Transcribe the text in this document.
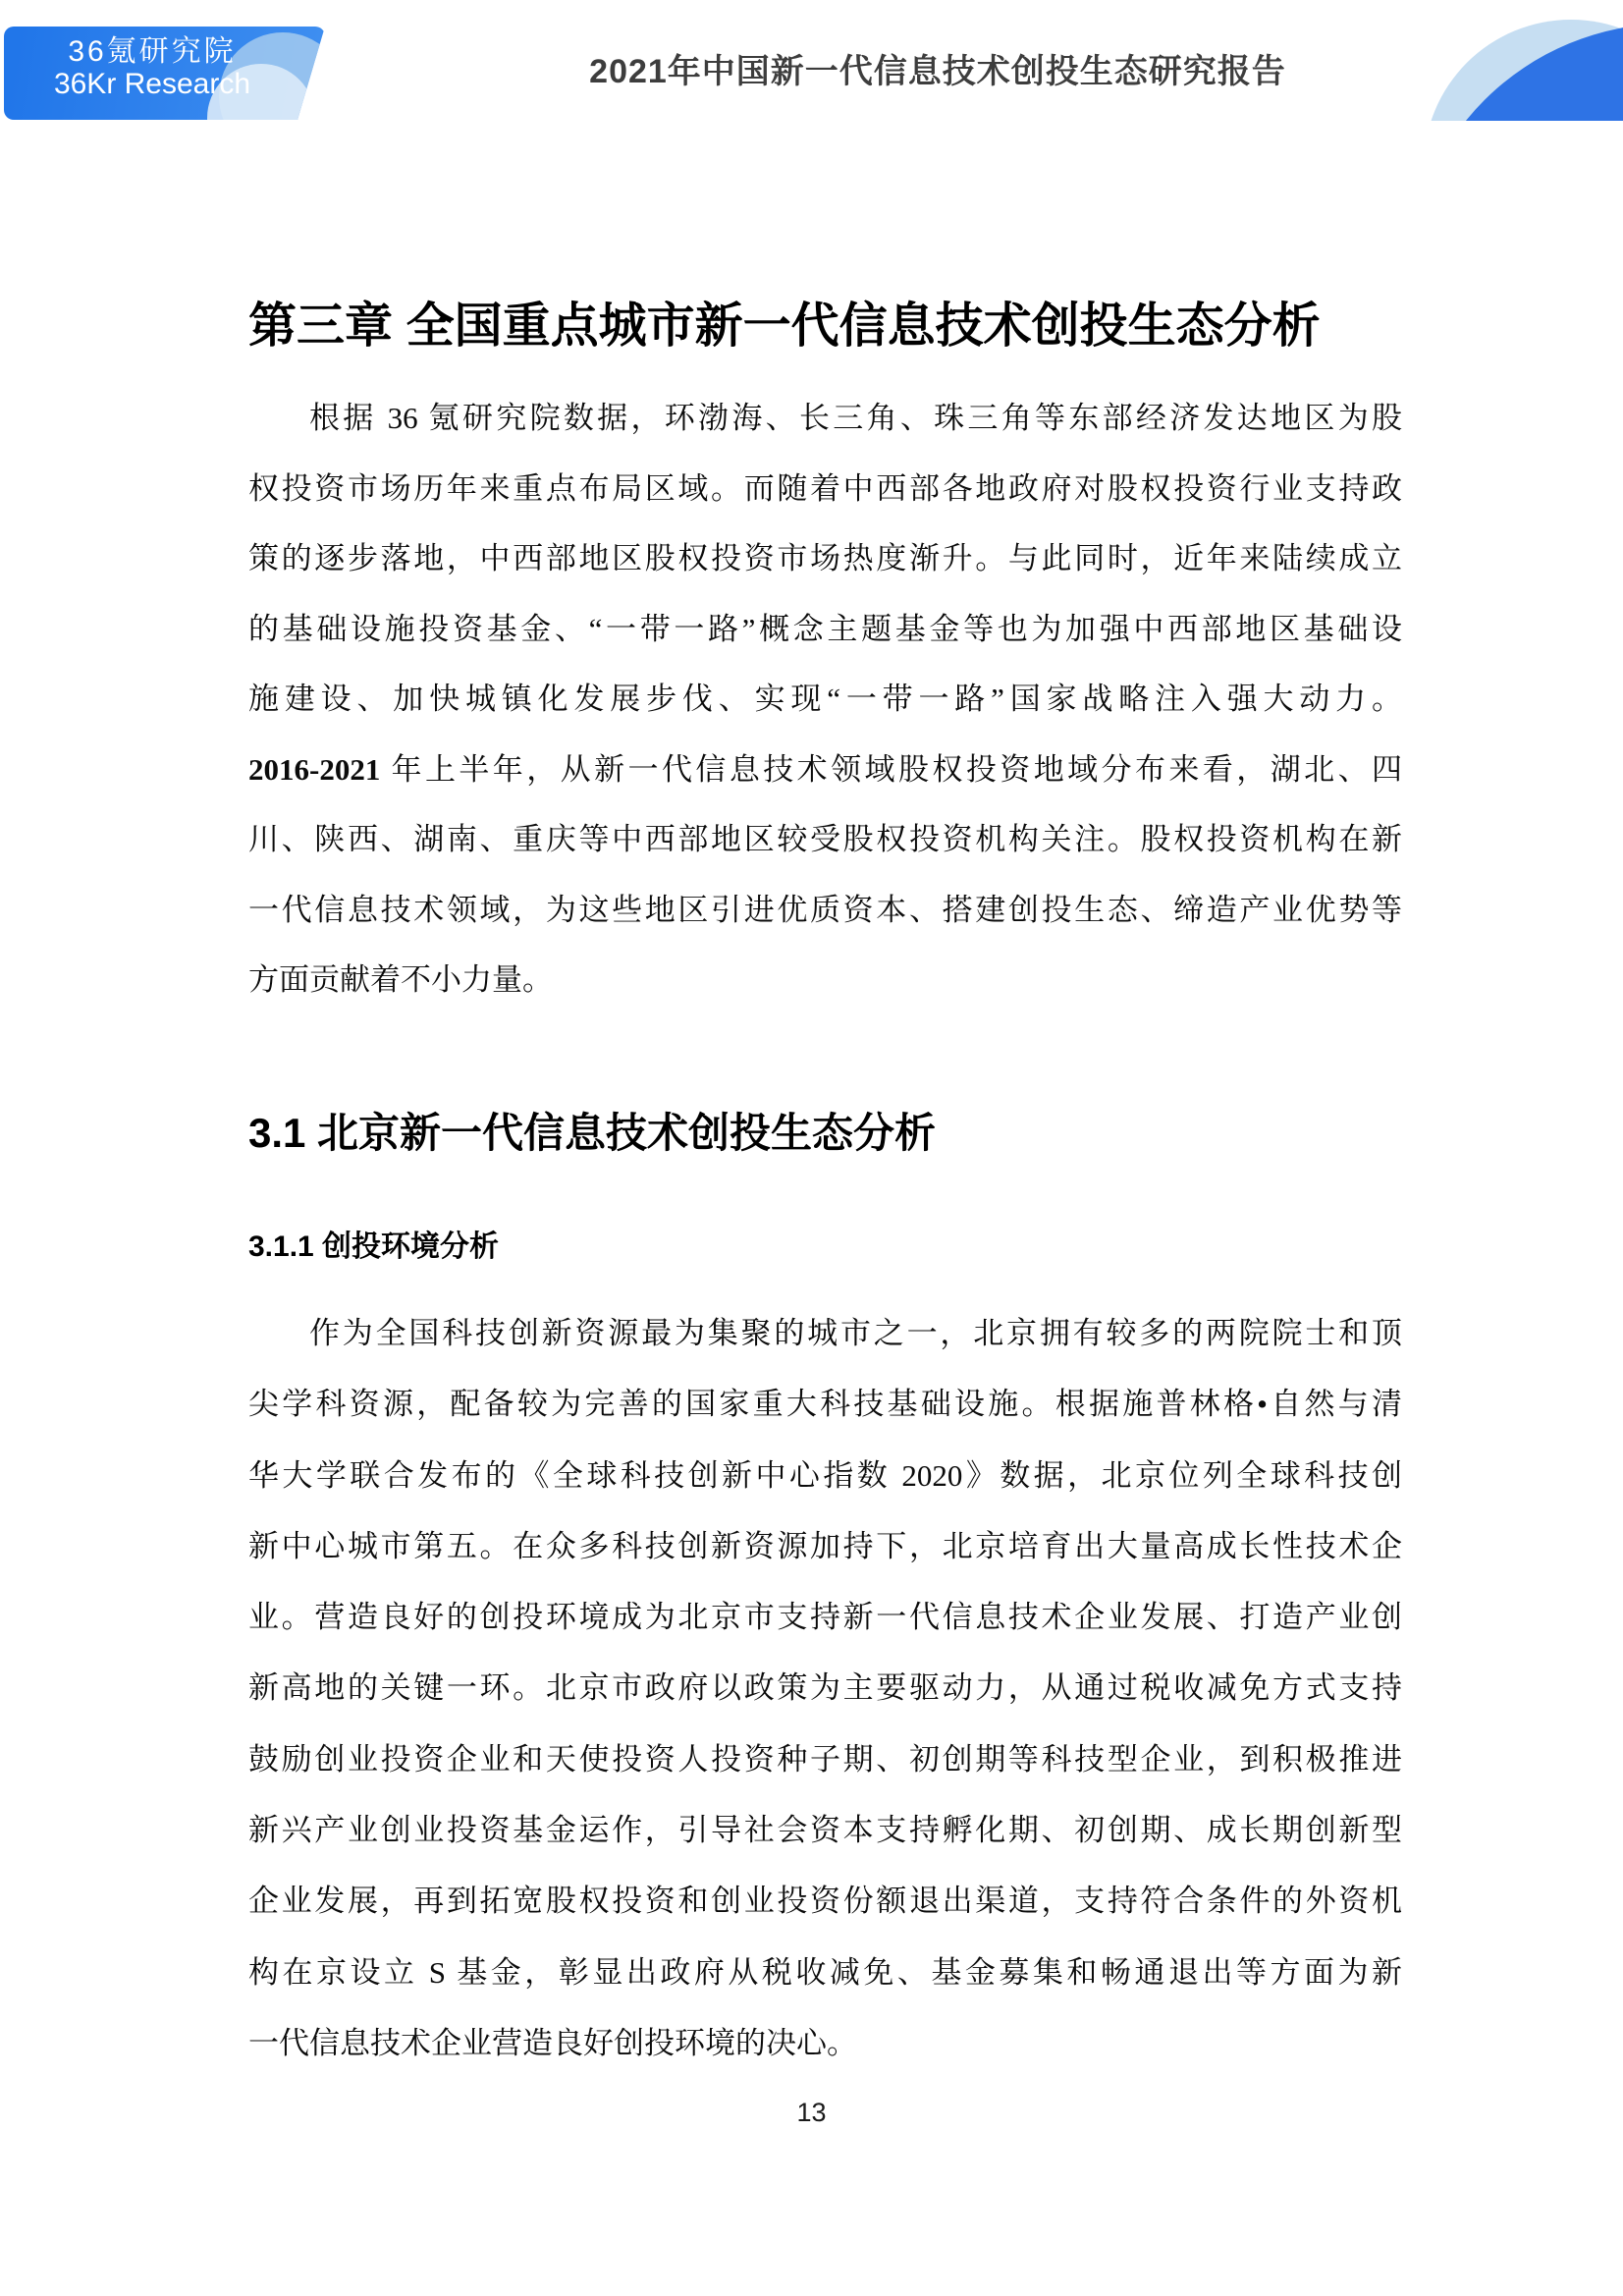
36氪研究院
36Kr Research	2021年中国新一代信息技术创投生态研究报告
第三章 全国重点城市新一代信息技术创投生态分析
根据 36 氪研究院数据，环渤海、长三角、珠三角等东部经济发达地区为股
权投资市场历年来重点布局区域。而随着中西部各地政府对股权投资行业支持政
策的逐步落地，中西部地区股权投资市场热度渐升。与此同时，近年来陆续成立
的基础设施投资基金、“一带一路”概念主题基金等也为加强中西部地区基础设
施建设、加快城镇化发展步伐、实现“一带一路”国家战略注入强大动力。
2016-2021 年上半年，从新一代信息技术领域股权投资地域分布来看，湖北、四
川、陕西、湖南、重庆等中西部地区较受股权投资机构关注。股权投资机构在新
一代信息技术领域，为这些地区引进优质资本、搭建创投生态、缔造产业优势等
方面贡献着不小力量。
3.1 北京新一代信息技术创投生态分析
3.1.1 创投环境分析
作为全国科技创新资源最为集聚的城市之一，北京拥有较多的两院院士和顶
尖学科资源，配备较为完善的国家重大科技基础设施。根据施普林格•自然与清
华大学联合发布的《全球科技创新中心指数 2020》数据，北京位列全球科技创
新中心城市第五。在众多科技创新资源加持下，北京培育出大量高成长性技术企
业。营造良好的创投环境成为北京市支持新一代信息技术企业发展、打造产业创
新高地的关键一环。北京市政府以政策为主要驱动力，从通过税收减免方式支持
鼓励创业投资企业和天使投资人投资种子期、初创期等科技型企业，到积极推进
新兴产业创业投资基金运作，引导社会资本支持孵化期、初创期、成长期创新型
企业发展，再到拓宽股权投资和创业投资份额退出渠道，支持符合条件的外资机
构在京设立 S 基金，彰显出政府从税收减免、基金募集和畅通退出等方面为新
一代信息技术企业营造良好创投环境的决心。
13
